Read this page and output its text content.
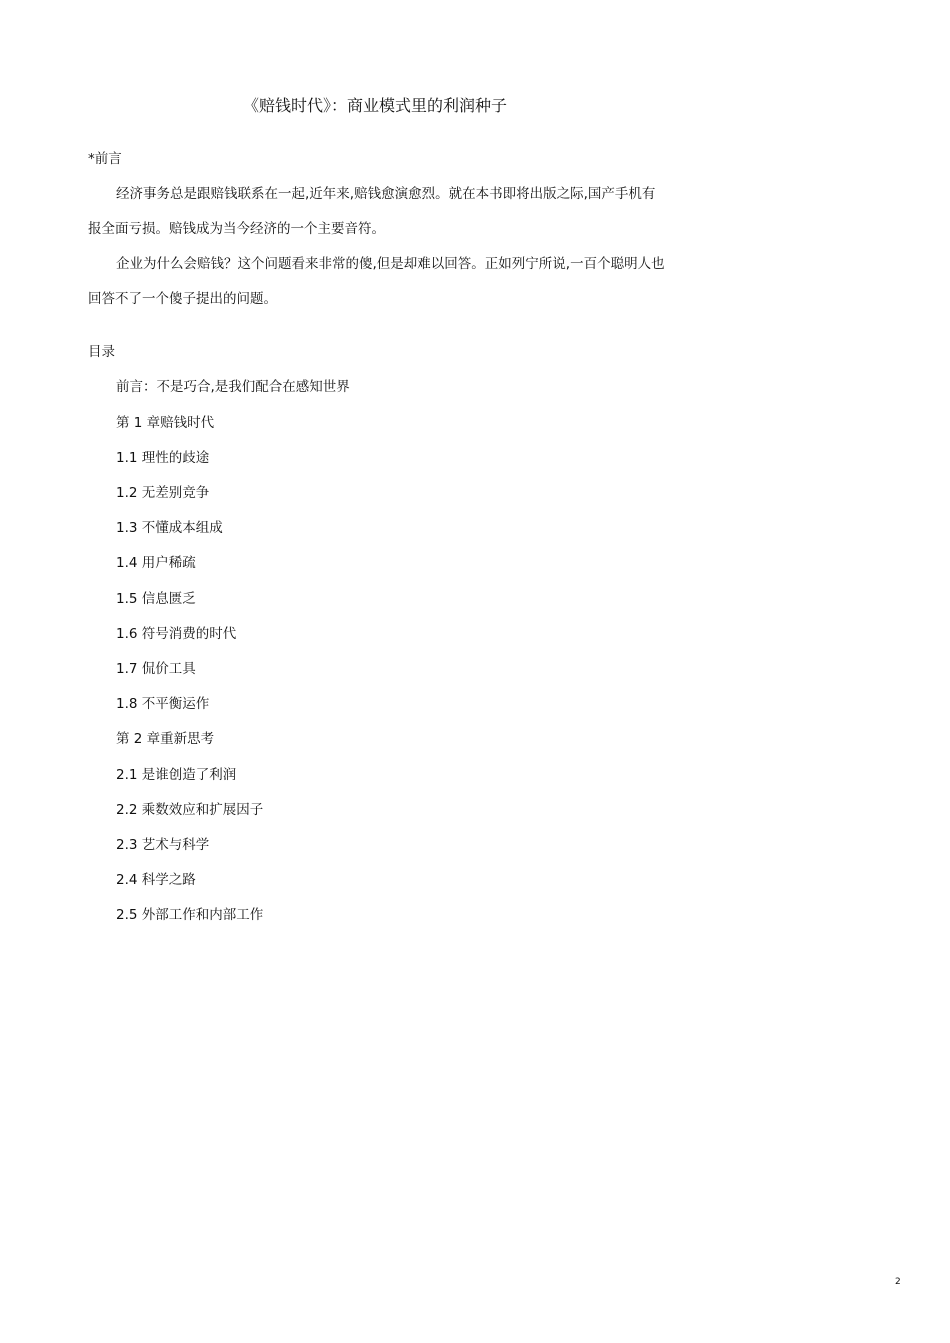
《赔钱时代》：商业模式里的利润种子
*前言
经济事务总是跟赔钱联系在一起,近年来,赔钱愈演愈烈。就在本书即将出版之际,国产手机有
报全面亏损。赔钱成为当今经济的一个主要音符。
企业为什么会赔钱？这个问题看来非常的傻,但是却难以回答。正如列宁所说,一百个聪明人也
回答不了一个傻子提出的问题。
目录
前言：不是巧合,是我们配合在感知世界
第 1 章赔钱时代
1.1 理性的歧途
1.2 无差别竞争
1.3 不懂成本组成
1.4 用户稀疏
1.5 信息匮乏
1.6 符号消费的时代
1.7 侃价工具
1.8 不平衡运作
第 2 章重新思考
2.1 是谁创造了利润
2.2 乘数效应和扩展因子
2.3 艺术与科学
2.4 科学之路
2.5 外部工作和内部工作
2
